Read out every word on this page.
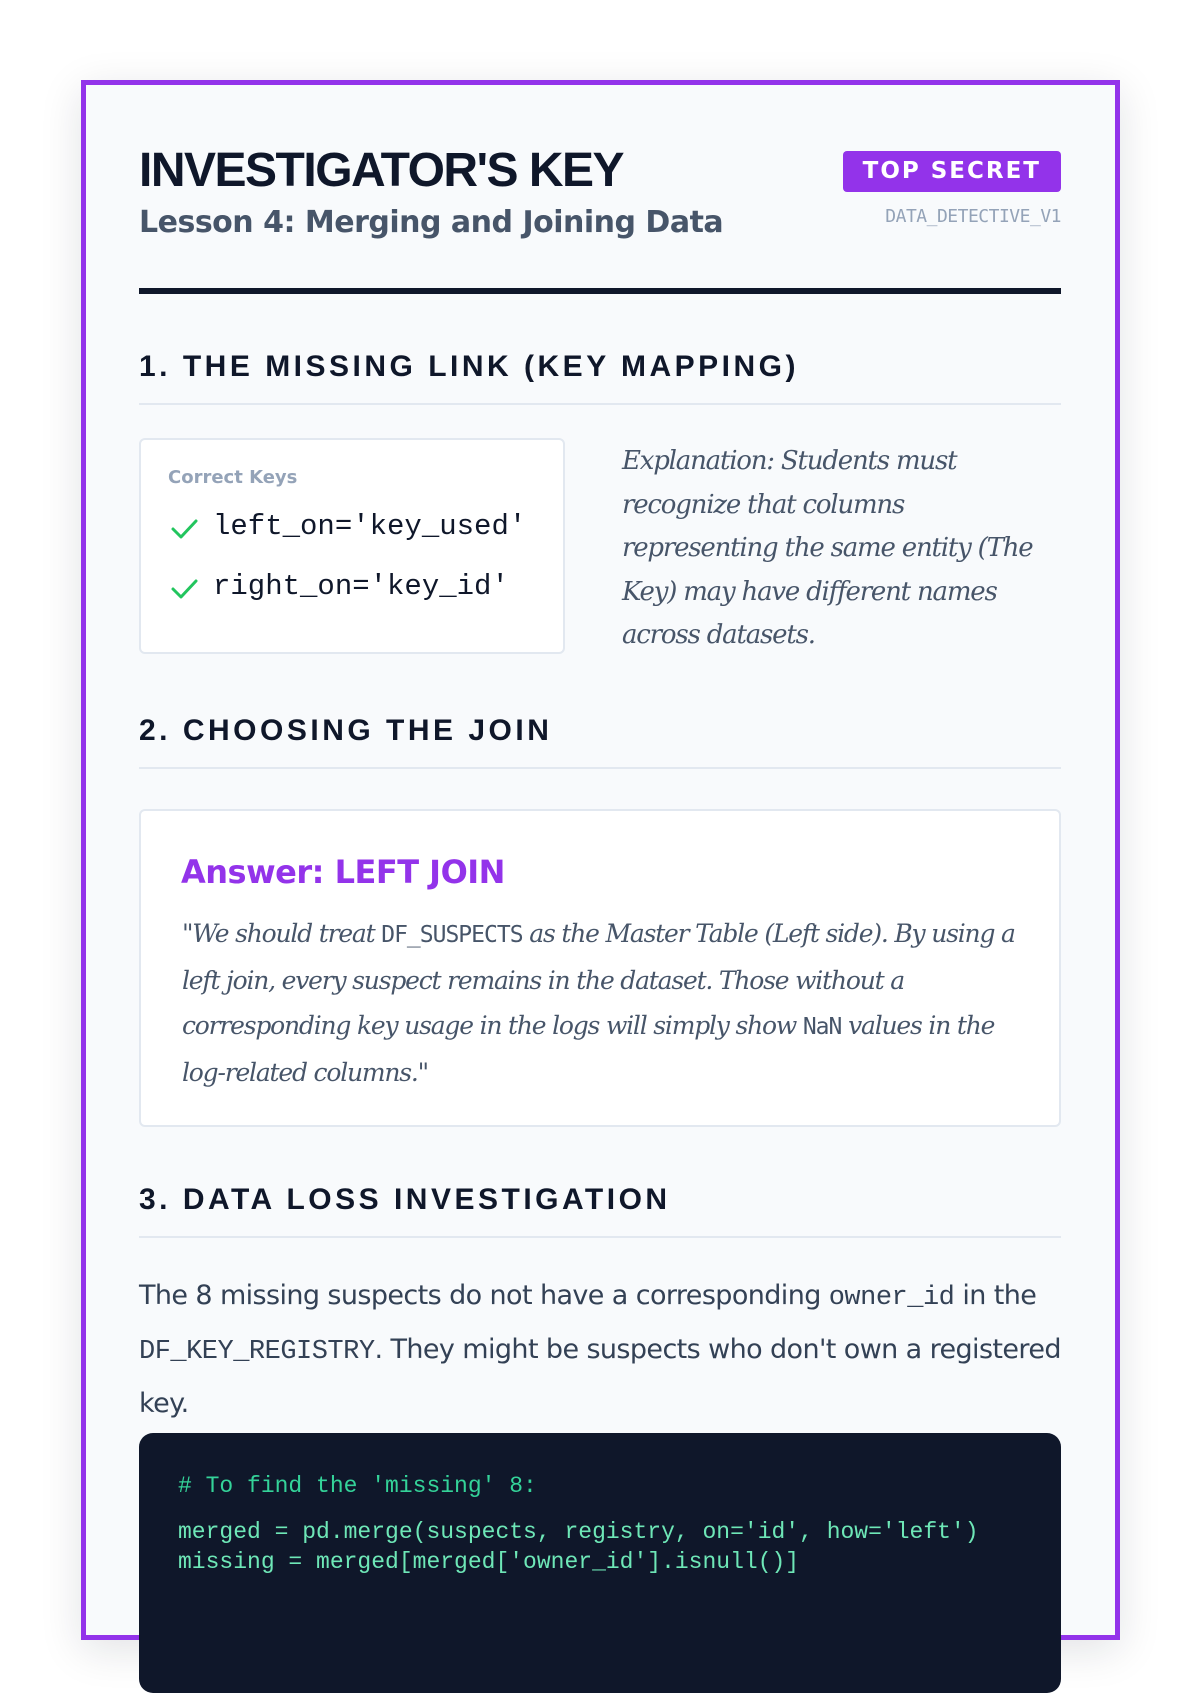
INVESTIGATOR'S KEY
Lesson 4: Merging and Joining Data
TOP SECRET
DATA_DETECTIVE_V1
1. THE MISSING LINK (KEY MAPPING)
Correct Keys
left_on='key_used'
right_on='key_id'
Explanation: Students must recognize that columns representing the same entity (The Key) may have different names across datasets.
2. CHOOSING THE JOIN
Answer: LEFT JOIN
"We should treat DF_SUSPECTS as the Master Table (Left side). By using a left join, every suspect remains in the dataset. Those without a corresponding key usage in the logs will simply show NaN values in the log-related columns."
3. DATA LOSS INVESTIGATION
The 8 missing suspects do not have a corresponding owner_id in the DF_KEY_REGISTRY. They might be suspects who don't own a registered key.
# To find the 'missing' 8:
merged = pd.merge(suspects, registry, on='id', how='left')
missing = merged[merged['owner_id'].isnull()]
